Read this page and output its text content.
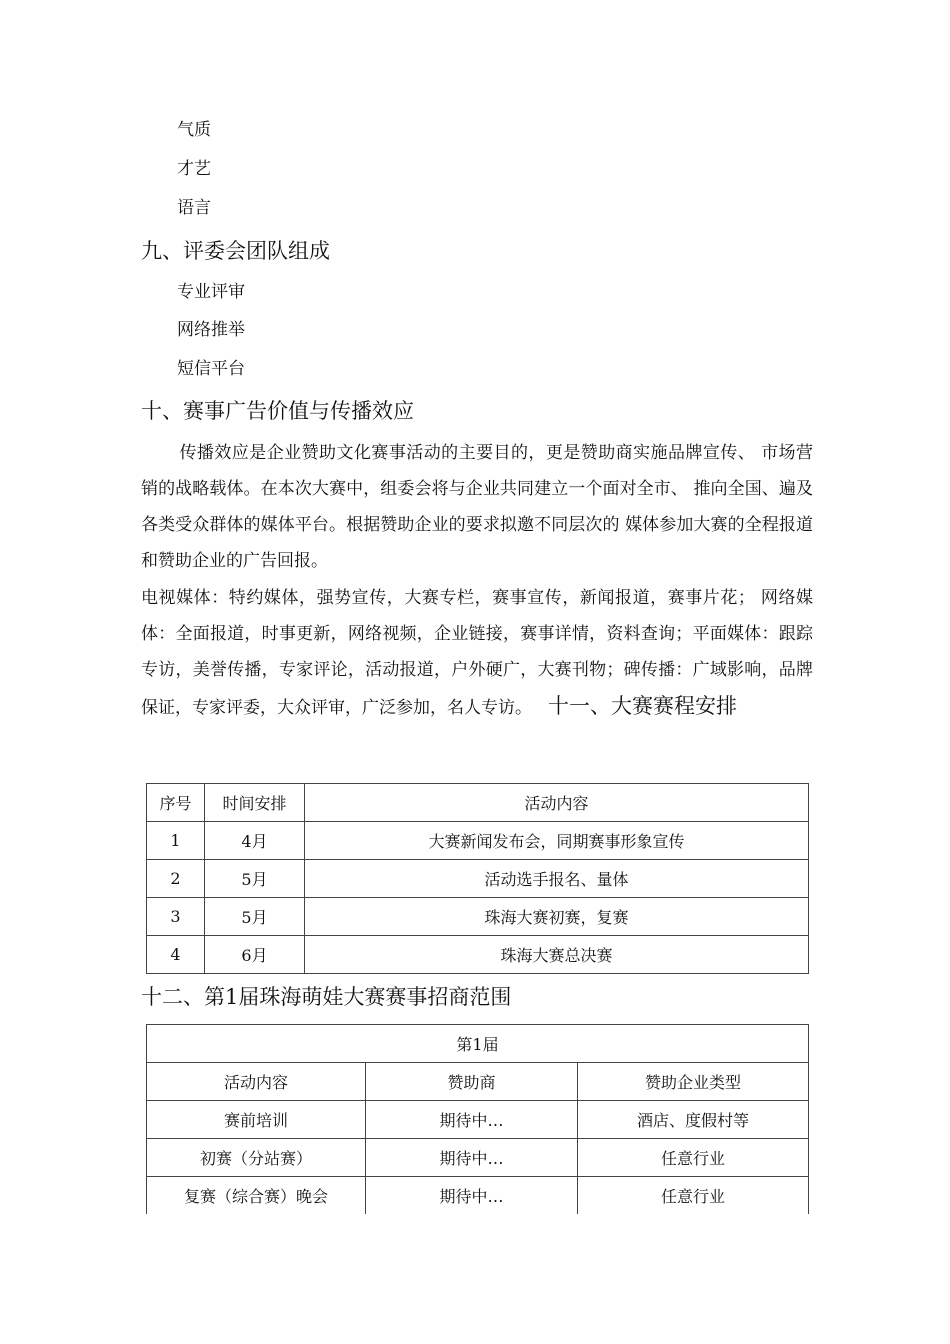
气质
才艺
语言
九、评委会团队组成
专业评审
网络推举
短信平台
十、赛事广告价值与传播效应
传播效应是企业赞助文化赛事活动的主要目的，更是赞助商实施品牌宣传、 市场营销的战略载体。在本次大赛中，组委会将与企业共同建立一个面对全市、 推向全国、遍及各类受众群体的媒体平台。根据赞助企业的要求拟邀不同层次的 媒体参加大赛的全程报道和赞助企业的广告回报。
电视媒体：特约媒体，强势宣传，大赛专栏，赛事宣传，新闻报道，赛事片花； 网络媒体：全面报道，时事更新，网络视频，企业链接，赛事详情，资料查询；平面媒体：跟踪专访，美誉传播，专家评论，活动报道，户外硬广，大赛刊物；碑传播：广域影响，品牌保证，专家评委，大众评审，广泛参加，名人专访。 十一、大赛赛程安排
序号	时间安排	活动内容
1	4月	大赛新闻发布会，同期赛事形象宣传
2	5月	活动选手报名、量体
3	5月	珠海大赛初赛，复赛
4	6月	珠海大赛总决赛
十二、第1届珠海萌娃大赛赛事招商范围
第1届		
活动内容	赞助商	赞助企业类型
赛前培训	期待中…	酒店、度假村等
初赛（分站赛）	期待中…	任意行业
复赛（综合赛）晚会	期待中…	任意行业
